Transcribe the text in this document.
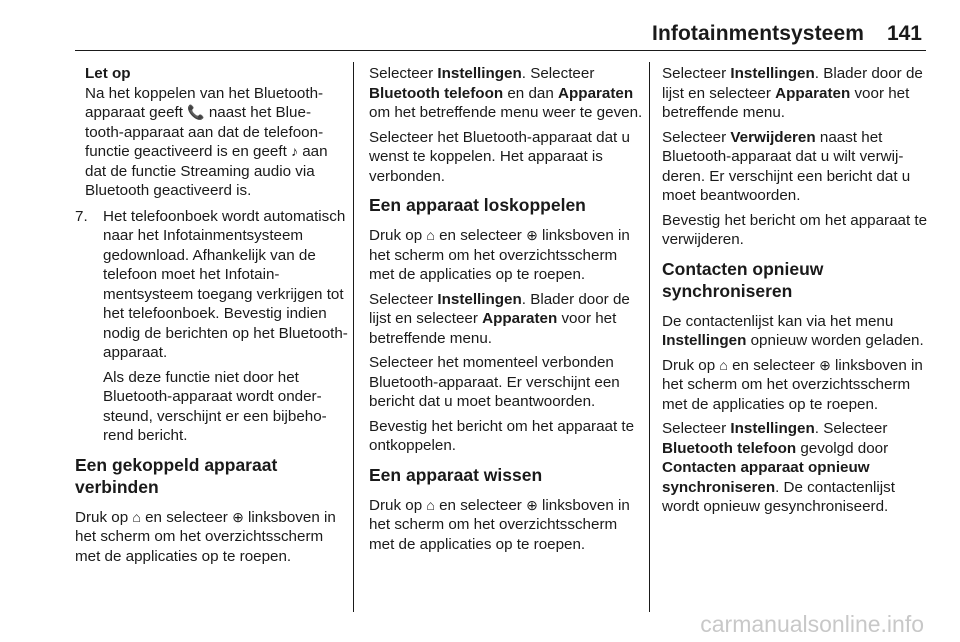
Infotainmentsysteem 141
Let op

Na het koppelen van het Bluetooth-apparaat geeft 📞 naast het Bluetooth-apparaat aan dat de telefoonfunctie geactiveerd is en geeft ♪ aan dat de functie Streaming audio via Bluetooth geactiveerd is.

7. Het telefoonboek wordt automatisch naar het Infotainmentsysteem gedownload. Afhankelijk van de telefoon moet het Infotainmentsysteem toegang verkrijgen tot het telefoonboek. Bevestig indien nodig de berichten op het Bluetooth-apparaat.

Als deze functie niet door het Bluetooth-apparaat wordt ondersteund, verschijnt er een bijbehorend bericht.

Een gekoppeld apparaat verbinden

Druk op ⌂ en selecteer ⊕ linksboven in het scherm om het overzichtsscherm met de applicaties op te roepen.

Selecteer Instellingen. Selecteer Bluetooth telefoon en dan Apparaten om het betreffende menu weer te geven.

Selecteer het Bluetooth-apparaat dat u wenst te koppelen. Het apparaat is verbonden.

Een apparaat loskoppelen

Druk op ⌂ en selecteer ⊕ linksboven in het scherm om het overzichtsscherm met de applicaties op te roepen.

Selecteer Instellingen. Blader door de lijst en selecteer Apparaten voor het betreffende menu.

Selecteer het momenteel verbonden Bluetooth-apparaat. Er verschijnt een bericht dat u moet beantwoorden.

Bevestig het bericht om het apparaat te ontkoppelen.

Een apparaat wissen

Druk op ⌂ en selecteer ⊕ linksboven in het scherm om het overzichtsscherm met de applicaties op te roepen.

Selecteer Instellingen. Blader door de lijst en selecteer Apparaten voor het betreffende menu.

Selecteer Verwijderen naast het Bluetooth-apparaat dat u wilt verwijderen. Er verschijnt een bericht dat u moet beantwoorden.

Bevestig het bericht om het apparaat te verwijderen.

Contacten opnieuw synchroniseren

De contactenlijst kan via het menu Instellingen opnieuw worden geladen.

Druk op ⌂ en selecteer ⊕ linksboven in het scherm om het overzichtsscherm met de applicaties op te roepen.

Selecteer Instellingen. Selecteer Bluetooth telefoon gevolgd door Contacten apparaat opnieuw synchroniseren. De contactenlijst wordt opnieuw gesynchroniseerd.

carmanualsonline.info
